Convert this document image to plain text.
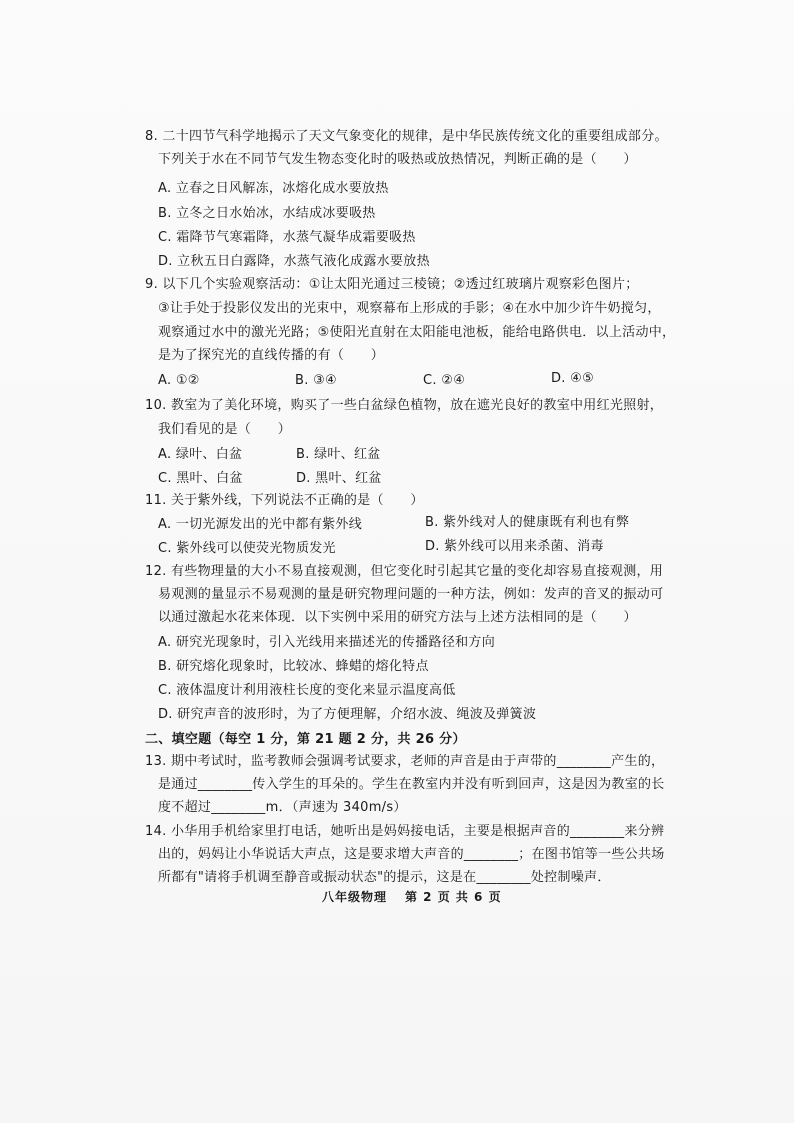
8. 二十四节气科学地揭示了天文气象变化的规律，是中华民族传统文化的重要组成部分。
下列关于水在不同节气发生物态变化时的吸热或放热情况，判断正确的是（　　）
A. 立春之日风解冻，冰熔化成水要放热
B. 立冬之日水始冰，水结成冰要吸热
C. 霜降节气寒霜降，水蒸气凝华成霜要吸热
D. 立秋五日白露降，水蒸气液化成露水要放热
9. 以下几个实验观察活动：①让太阳光通过三棱镜；②透过红玻璃片观察彩色图片；
③让手处于投影仪发出的光束中，观察幕布上形成的手影；④在水中加少许牛奶搅匀，
观察通过水中的激光光路；⑤使阳光直射在太阳能电池板，能给电路供电．以上活动中，
是为了探究光的直线传播的有（　　）
A. ①②	B. ③④	C. ②④	D. ④⑤
10. 教室为了美化环境，购买了一些白盆绿色植物，放在遮光良好的教室中用红光照射，
我们看见的是（　　）
A. 绿叶、白盆	B. 绿叶、红盆
C. 黑叶、白盆	D. 黑叶、红盆
11. 关于紫外线，下列说法不正确的是（　　）
A. 一切光源发出的光中都有紫外线	B. 紫外线对人的健康既有利也有弊
C. 紫外线可以使荧光物质发光	D. 紫外线可以用来杀菌、消毒
12. 有些物理量的大小不易直接观测，但它变化时引起其它量的变化却容易直接观测，用
易观测的量显示不易观测的量是研究物理问题的一种方法，例如：发声的音叉的振动可
以通过激起水花来体现．以下实例中采用的研究方法与上述方法相同的是（　　）
A. 研究光现象时，引入光线用来描述光的传播路径和方向
B. 研究熔化现象时，比较冰、蜂蜡的熔化特点
C. 液体温度计利用液柱长度的变化来显示温度高低
D. 研究声音的波形时，为了方便理解，介绍水波、绳波及弹簧波
二、填空题（每空 1 分，第 21 题 2 分，共 26 分）
13. 期中考试时，监考教师会强调考试要求，老师的声音是由于声带的________产生的，
是通过________传入学生的耳朵的。学生在教室内并没有听到回声，这是因为教室的长
度不超过________m．（声速为 340m/s）
14. 小华用手机给家里打电话，她听出是妈妈接电话，主要是根据声音的________来分辨
出的，妈妈让小华说话大声点，这是要求增大声音的________；在图书馆等一些公共场
所都有"请将手机调至静音或振动状态"的提示，这是在________处控制噪声．
八年级物理 第 2 页 共 6 页
